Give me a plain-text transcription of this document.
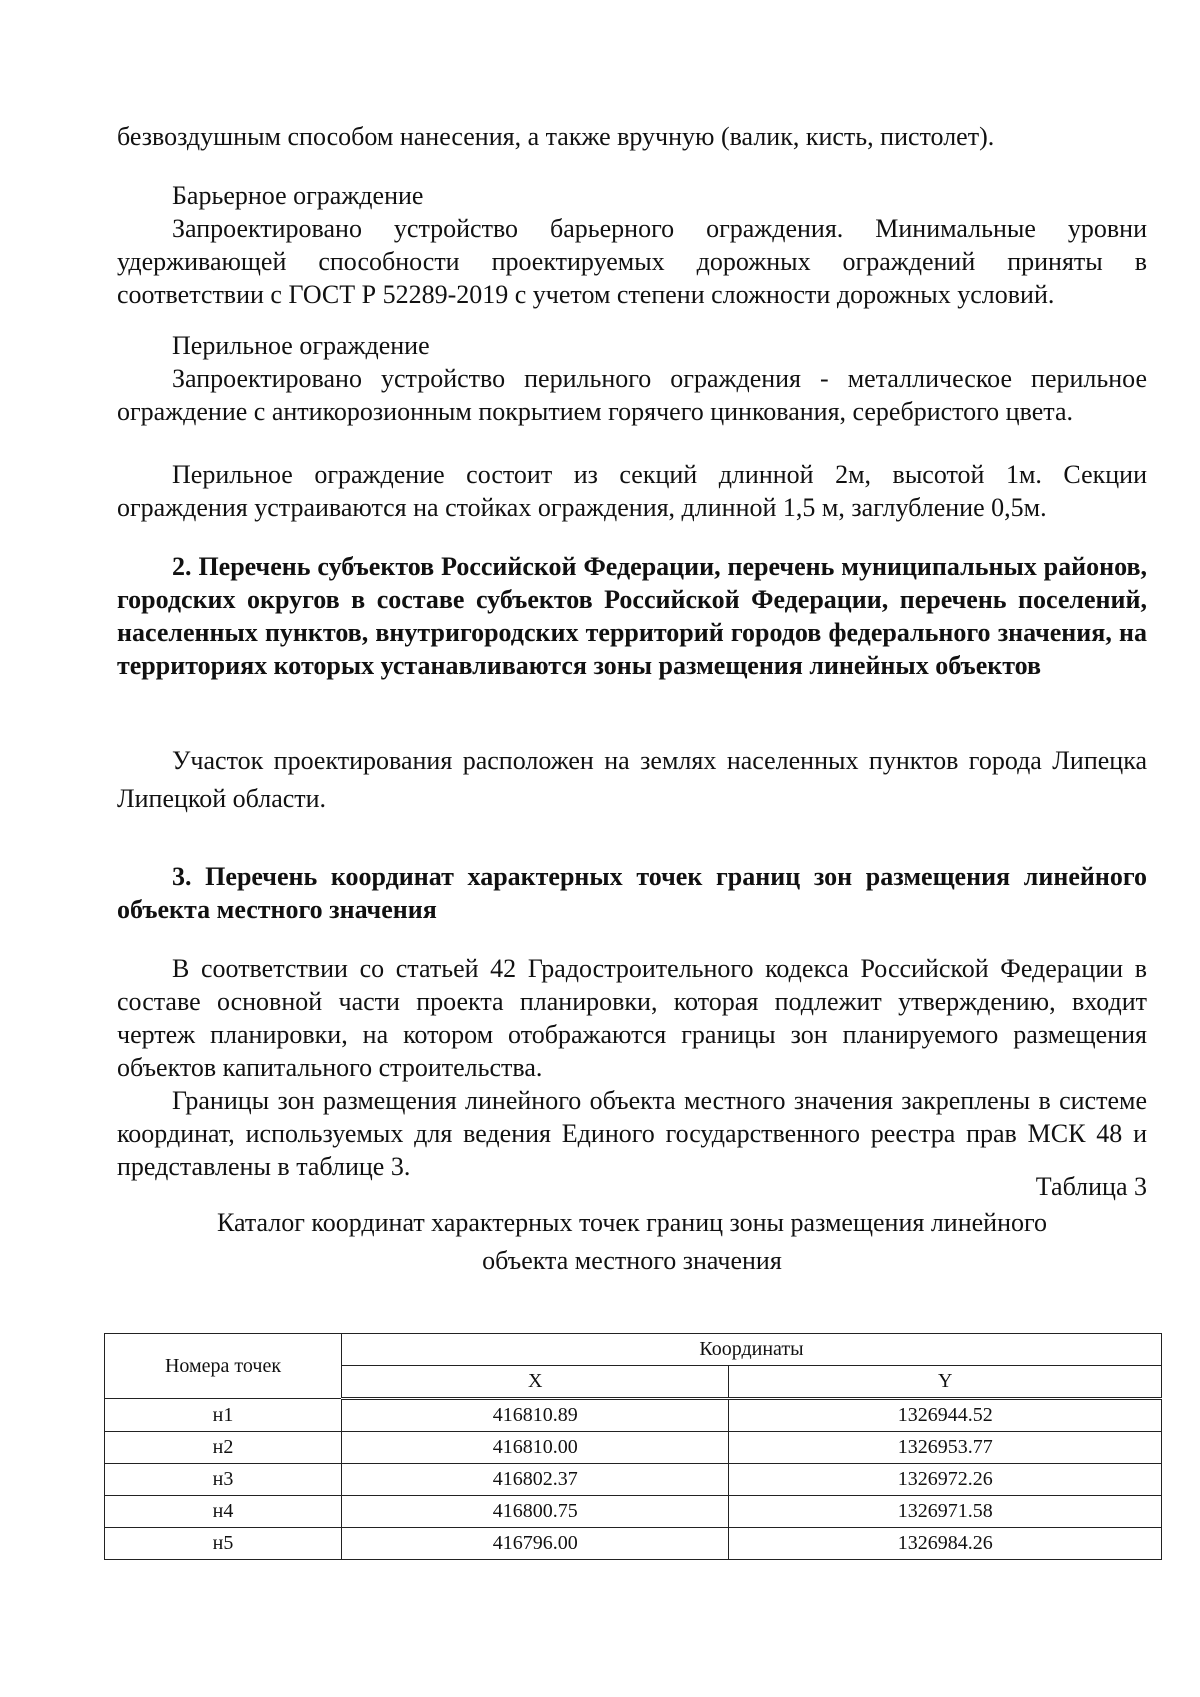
безвоздушным способом нанесения, а также вручную (валик, кисть, пистолет).

Барьерное ограждение

Запроектировано устройство барьерного ограждения. Минимальные уровни удерживающей способности проектируемых дорожных ограждений приняты в соответствии с ГОСТ Р 52289-2019 с учетом степени сложности дорожных условий.

Перильное ограждение

Запроектировано устройство перильного ограждения - металлическое перильное ограждение с антикорозионным покрытием горячего цинкования, серебристого цвета.

Перильное ограждение состоит из секций длинной 2м, высотой 1м. Секции ограждения устраиваются на стойках ограждения, длинной 1,5 м, заглубление 0,5м.

2. Перечень субъектов Российской Федерации, перечень муниципальных районов, городских округов в составе субъектов Российской Федерации, перечень поселений, населенных пунктов, внутригородских территорий городов федерального значения, на территориях которых устанавливаются зоны размещения линейных объектов

Участок проектирования расположен на землях населенных пунктов города Липецка Липецкой области.

3. Перечень координат характерных точек границ зон размещения линейного объекта местного значения

В соответствии со статьей 42 Градостроительного кодекса Российской Федерации в составе основной части проекта планировки, которая подлежит утверждению, входит чертеж планировки, на котором отображаются границы зон планируемого размещения объектов капитального строительства.

Границы зон размещения линейного объекта местного значения закреплены в системе координат, используемых для ведения Единого государственного реестра прав МСК 48 и представлены в таблице 3.

Таблица 3

Каталог координат характерных точек границ зоны размещения линейного

объекта местного значения

Номера точек	Координаты	
	X	Y
н1	416810.89	1326944.52
н2	416810.00	1326953.77
н3	416802.37	1326972.26
н4	416800.75	1326971.58
н5	416796.00	1326984.26
